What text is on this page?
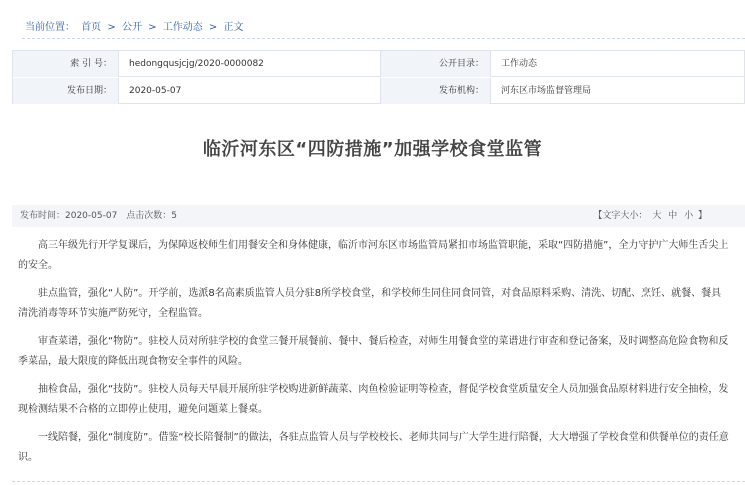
当前位置： 首页 > 公开 > 工作动态 > 正文
索 引 号：	hedongqusjcjg/2020-0000082	公开目录：	工作动态
发布日期：	2020-05-07	发布机构：	河东区市场监督管理局
临沂河东区“四防措施”加强学校食堂监管
发布时间：2020-05-07 点击次数：5	【文字大小： 大 中 小 】

高三年级先行开学复课后，为保障返校师生们用餐安全和身体健康，临沂市河东区市场监管局紧扣市场监管职能，采取“四防措施”，全力守护广大师生舌尖上的安全。

驻点监管，强化“人防”。开学前，选派8名高素质监管人员分驻8所学校食堂，和学校师生同住同食同管，对食品原料采购、清洗、切配、烹饪、就餐、餐具清洗消毒等环节实施严防死守，全程监管。

审查菜谱，强化“物防”。驻校人员对所驻学校的食堂三餐开展餐前、餐中、餐后检查，对师生用餐食堂的菜谱进行审查和登记备案，及时调整高危险食物和反季菜品，最大限度的降低出现食物安全事件的风险。

抽检食品，强化“技防”。驻校人员每天早晨开展所驻学校购进新鲜蔬菜、肉鱼检验证明等检查，督促学校食堂质量安全人员加强食品原材料进行安全抽检，发现检测结果不合格的立即停止使用，避免问题菜上餐桌。

一线陪餐，强化“制度防”。借鉴“校长陪餐制”的做法，各驻点监管人员与学校校长、老师共同与广大学生进行陪餐，大大增强了学校食堂和供餐单位的责任意识。
